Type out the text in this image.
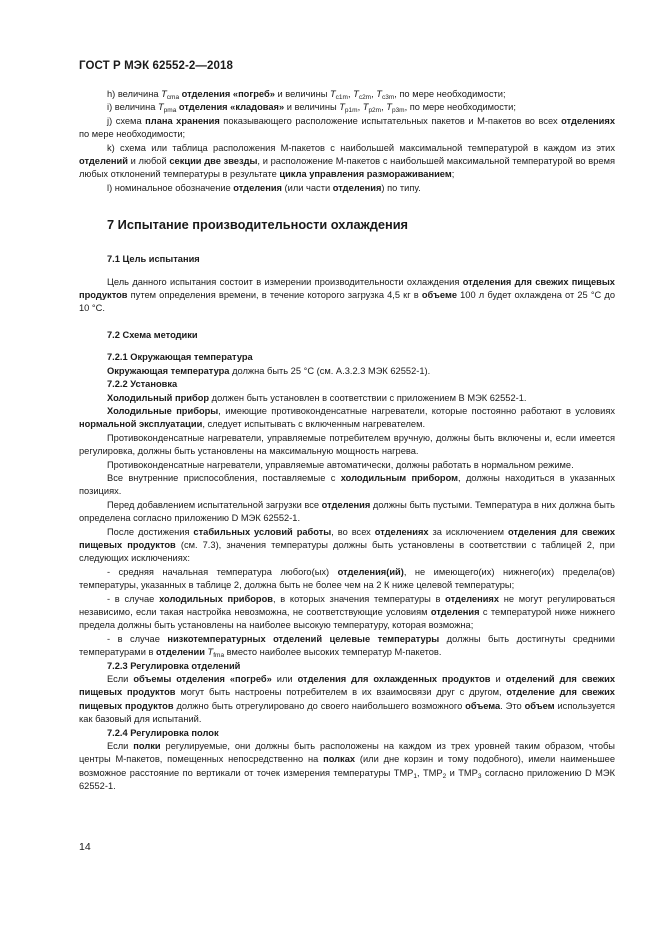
ГОСТ Р МЭК 62552-2—2018

h) величина $T_{cma}$ отделения «погреб» и величины $T_{c1m}$, $T_{c2m}$, $T_{c3m}$, по мере необходимости;

i) величина $T_{pma}$ отделения «кладовая» и величины $T_{p1m}$, $T_{p2m}$, $T_{p3m}$, по мере необходимости;

j) схема плана хранения показывающего расположение испытательных пакетов и М-пакетов во всех отделениях по мере необходимости;

k) схема или таблица расположения М-пакетов с наибольшей максимальной температурой в каждом из этих отделений и любой секции две звезды, и расположение М-пакетов с наибольшей максимальной температурой во время любых отклонений температуры в результате цикла управления размораживанием;

l) номинальное обозначение отделения (или части отделения) по типу.

7 Испытание производительности охлаждения

7.1 Цель испытания

Цель данного испытания состоит в измерении производительности охлаждения отделения для свежих пищевых продуктов путем определения времени, в течение которого загрузка 4,5 кг в объеме 100 л будет охлаждена от 25 °С до 10 °С.

7.2 Схема методики

7.2.1 Окружающая температура

Окружающая температура должна быть 25 °С (см. А.3.2.3 МЭК 62552-1).

7.2.2 Установка

Холодильный прибор должен быть установлен в соответствии с приложением В МЭК 62552-1.

Холодильные приборы, имеющие противоконденсатные нагреватели, которые постоянно работают в условиях нормальной эксплуатации, следует испытывать с включенным нагревателем.

Противоконденсатные нагреватели, управляемые потребителем вручную, должны быть включены и, если имеется регулировка, должны быть установлены на максимальную мощность нагрева.

Противоконденсатные нагреватели, управляемые автоматически, должны работать в нормальном режиме.

Все внутренние приспособления, поставляемые с холодильным прибором, должны находиться в указанных позициях.

Перед добавлением испытательной загрузки все отделения должны быть пустыми. Температура в них должна быть определена согласно приложению D МЭК 62552-1.

После достижения стабильных условий работы, во всех отделениях за исключением отделения для свежих пищевых продуктов (см. 7.3), значения температуры должны быть установлены в соответствии с таблицей 2, при следующих исключениях:

- средняя начальная температура любого(ых) отделения(ий), не имеющего(их) нижнего(их) предела(ов) температуры, указанных в таблице 2, должна быть не более чем на 2 К ниже целевой температуры;

- в случае холодильных приборов, в которых значения температуры в отделениях не могут регулироваться независимо, если такая настройка невозможна, не соответствующие условиям отделения с температурой ниже нижнего предела должны быть установлены на наиболее высокую температуру, которая возможна;

- в случае низкотемпературных отделений целевые температуры должны быть достигнуты средними температурами в отделении $T_{fma}$ вместо наиболее высоких температур М-пакетов.

7.2.3 Регулировка отделений

Если объемы отделения «погреб» или отделения для охлажденных продуктов и отделений для свежих пищевых продуктов могут быть настроены потребителем в их взаимосвязи друг с другом, отделение для свежих пищевых продуктов должно быть отрегулировано до своего наибольшего возможного объема. Это объем используется как базовый для испытаний.

7.2.4 Регулировка полок

Если полки регулируемые, они должны быть расположены на каждом из трех уровней таким образом, чтобы центры М-пакетов, помещенных непосредственно на полках (или дне корзин и тому подобного), имели наименьшее возможное расстояние по вертикали от точек измерения температуры $ТМР_1$, $ТМР_2$ и $ТМР_3$ согласно приложению D МЭК 62552-1.

14
